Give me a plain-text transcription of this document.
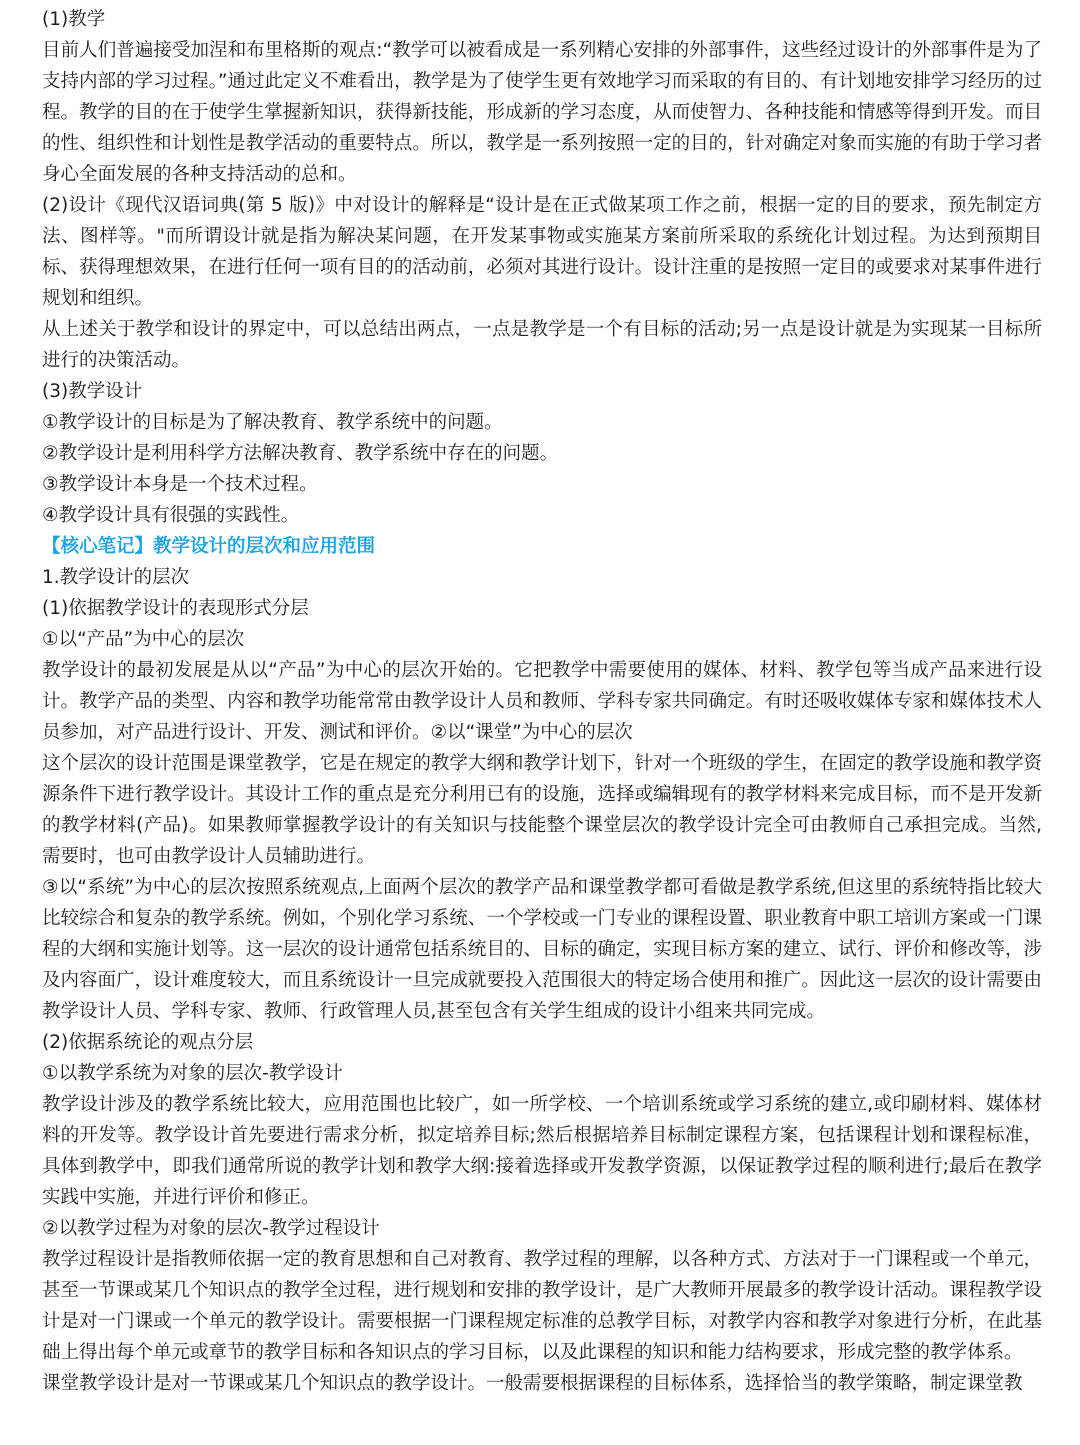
(1)教学

目前人们普遍接受加涅和布里格斯的观点:“教学可以被看成是一系列精心安排的外部事件，这些经过设计的外部事件是为了支持内部的学习过程。”通过此定义不难看出，教学是为了使学生更有效地学习而采取的有目的、有计划地安排学习经历的过程。教学的目的在于使学生掌握新知识，获得新技能，形成新的学习态度，从而使智力、各种技能和情感等得到开发。而目的性、组织性和计划性是教学活动的重要特点。所以，教学是一系列按照一定的目的，针对确定对象而实施的有助于学习者身心全面发展的各种支持活动的总和。

(2)设计《现代汉语词典(第 5 版)》中对设计的解释是“设计是在正式做某项工作之前，根据一定的目的要求，预先制定方法、图样等。"而所谓设计就是指为解决某问题，在开发某事物或实施某方案前所采取的系统化计划过程。为达到预期目标、获得理想效果，在进行任何一项有目的的活动前，必须对其进行设计。设计注重的是按照一定目的或要求对某事件进行规划和组织。

从上述关于教学和设计的界定中，可以总结出两点，一点是教学是一个有目标的活动;另一点是设计就是为实现某一目标所进行的决策活动。

(3)教学设计

①教学设计的目标是为了解决教育、教学系统中的问题。

②教学设计是利用科学方法解决教育、教学系统中存在的问题。

③教学设计本身是一个技术过程。

④教学设计具有很强的实践性。

【核心笔记】教学设计的层次和应用范围

1.教学设计的层次

(1)依据教学设计的表现形式分层

①以“产品”为中心的层次

教学设计的最初发展是从以“产品”为中心的层次开始的。它把教学中需要使用的媒体、材料、教学包等当成产品来进行设计。教学产品的类型、内容和教学功能常常由教学设计人员和教师、学科专家共同确定。有时还吸收媒体专家和媒体技术人员参加，对产品进行设计、开发、测试和评价。②以“课堂”为中心的层次

这个层次的设计范围是课堂教学，它是在规定的教学大纲和教学计划下，针对一个班级的学生，在固定的教学设施和教学资源条件下进行教学设计。其设计工作的重点是充分利用已有的设施，选择或编辑现有的教学材料来完成目标，而不是开发新的教学材料(产品)。如果教师掌握教学设计的有关知识与技能整个课堂层次的教学设计完全可由教师自己承担完成。当然,需要时，也可由教学设计人员辅助进行。

③以“系统”为中心的层次按照系统观点,上面两个层次的教学产品和课堂教学都可看做是教学系统,但这里的系统特指比较大比较综合和复杂的教学系统。例如，个别化学习系统、一个学校或一门专业的课程设置、职业教育中职工培训方案或一门课程的大纲和实施计划等。这一层次的设计通常包括系统目的、目标的确定，实现目标方案的建立、试行、评价和修改等，涉及内容面广，设计难度较大，而且系统设计一旦完成就要投入范围很大的特定场合使用和推广。因此这一层次的设计需要由教学设计人员、学科专家、教师、行政管理人员,甚至包含有关学生组成的设计小组来共同完成。

(2)依据系统论的观点分层

①以教学系统为对象的层次-教学设计

教学设计涉及的教学系统比较大，应用范围也比较广，如一所学校、一个培训系统或学习系统的建立,或印刷材料、媒体材料的开发等。教学设计首先要进行需求分析，拟定培养目标;然后根据培养目标制定课程方案，包括课程计划和课程标准，具体到教学中，即我们通常所说的教学计划和教学大纲:接着选择或开发教学资源，以保证教学过程的顺利进行;最后在教学实践中实施，并进行评价和修正。

②以教学过程为对象的层次-教学过程设计

教学过程设计是指教师依据一定的教育思想和自己对教育、教学过程的理解，以各种方式、方法对于一门课程或一个单元，甚至一节课或某几个知识点的教学全过程，进行规划和安排的教学设计，是广大教师开展最多的教学设计活动。课程教学设计是对一门课或一个单元的教学设计。需要根据一门课程规定标准的总教学目标，对教学内容和教学对象进行分析，在此基础上得出每个单元或章节的教学目标和各知识点的学习目标，以及此课程的知识和能力结构要求，形成完整的教学体系。

课堂教学设计是对一节课或某几个知识点的教学设计。一般需要根据课程的目标体系，选择恰当的教学策略，制定课堂教
